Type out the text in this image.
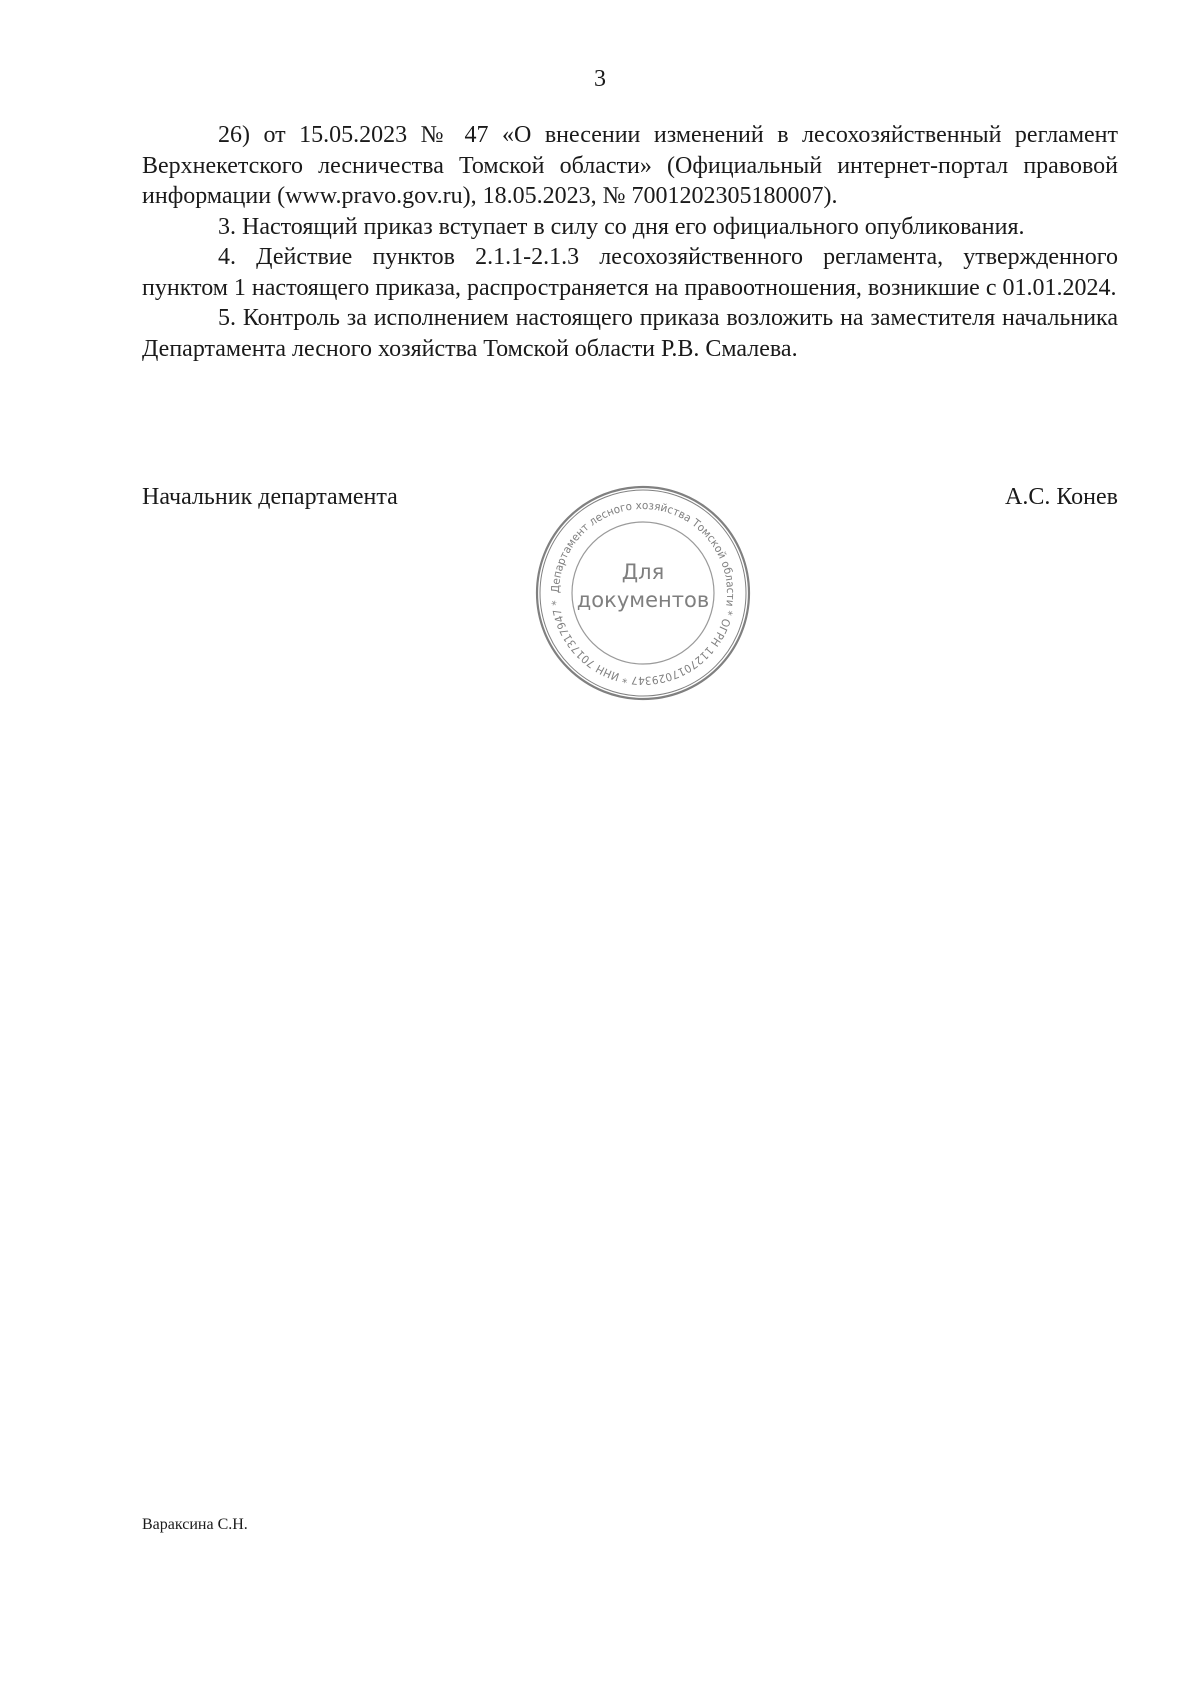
3

26) от 15.05.2023 № 47 «О внесении изменений в лесохозяйственный регламент Верхнекетского лесничества Томской области» (Официальный интернет-портал правовой информации (www.pravo.gov.ru), 18.05.2023, № 7001202305180007).

3. Настоящий приказ вступает в силу со дня его официального опубликования.

4. Действие пунктов 2.1.1-2.1.3 лесохозяйственного регламента, утвержденного пунктом 1 настоящего приказа, распространяется на правоотношения, возникшие с 01.01.2024.

5. Контроль за исполнением настоящего приказа возложить на заместителя начальника Департамента лесного хозяйства Томской области Р.В. Смалева.

Начальник департамента	А.С. Конев
Департамент лесного хозяйства Томской области * ОГРН 1127017029347 * ИНН 7017317947 *
Для
документов
Вараксина С.Н.
